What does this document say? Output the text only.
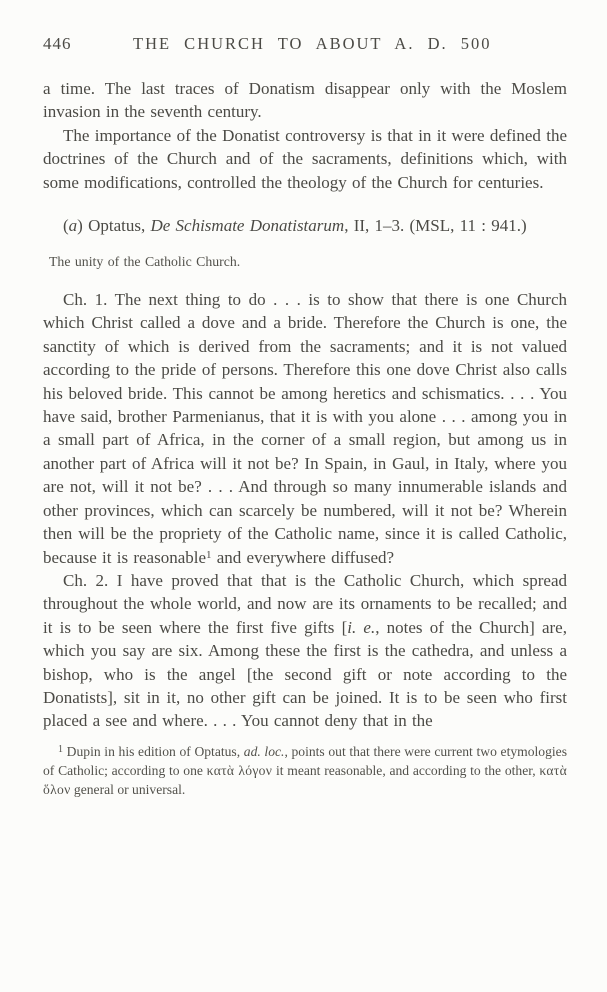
446	THE CHURCH TO ABOUT A. D. 500

a time. The last traces of Donatism disappear only with the Moslem invasion in the seventh century.

The importance of the Donatist controversy is that in it were defined the doctrines of the Church and of the sacraments, definitions which, with some modifications, controlled the theology of the Church for centuries.

(a) Optatus, De Schismate Donatistarum, II, 1–3. (MSL, 11 : 941.)

The unity of the Catholic Church.

Ch. 1. The next thing to do . . . is to show that there is one Church which Christ called a dove and a bride. Therefore the Church is one, the sanctity of which is derived from the sacraments; and it is not valued according to the pride of persons. Therefore this one dove Christ also calls his beloved bride. This cannot be among heretics and schismatics. . . . You have said, brother Parmenianus, that it is with you alone . . . among you in a small part of Africa, in the corner of a small region, but among us in another part of Africa will it not be? In Spain, in Gaul, in Italy, where you are not, will it not be? . . . And through so many innumerable islands and other provinces, which can scarcely be numbered, will it not be? Wherein then will be the propriety of the Catholic name, since it is called Catholic, because it is reasonable$^1$ and everywhere diffused?

Ch. 2. I have proved that that is the Catholic Church, which spread throughout the whole world, and now are its ornaments to be recalled; and it is to be seen where the first five gifts [i. e., notes of the Church] are, which you say are six. Among these the first is the cathedra, and unless a bishop, who is the angel [the second gift or note according to the Donatists], sit in it, no other gift can be joined. It is to be seen who first placed a see and where. . . . You cannot deny that in the

$^1$ Dupin in his edition of Optatus, ad. loc., points out that there were current two etymologies of Catholic; according to one κατὰ λόγον it meant reasonable, and according to the other, κατὰ ὅλον general or universal.
